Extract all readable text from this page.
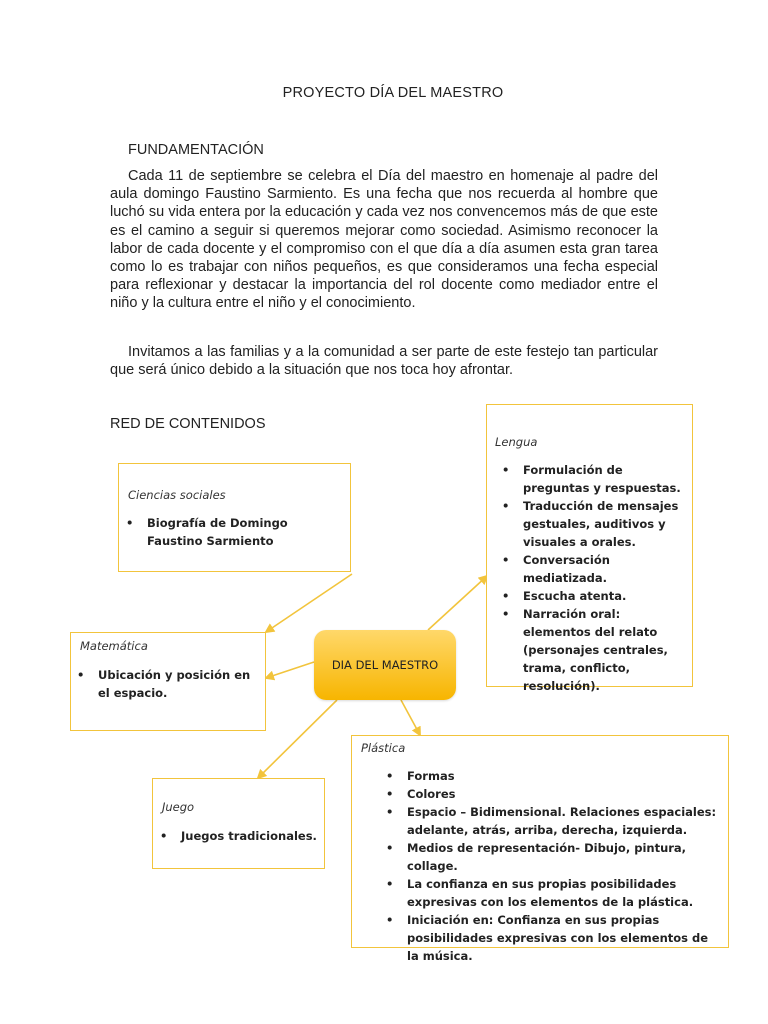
PROYECTO DÍA DEL MAESTRO
FUNDAMENTACIÓN

Cada 11 de septiembre se celebra el Día del maestro en homenaje al padre del aula domingo Faustino Sarmiento. Es una fecha que nos recuerda al hombre que luchó su vida entera por la educación y cada vez nos convencemos más de que este es el camino a seguir si queremos mejorar como sociedad. Asimismo reconocer la labor de cada docente y el compromiso con el que día a día asumen esta gran tarea como lo es trabajar con niños pequeños, es que consideramos una fecha especial para reflexionar y destacar la importancia del rol docente como mediador entre el niño y la cultura entre el niño y el conocimiento.

Invitamos a las familias y a la comunidad a ser parte de este festejo tan particular que será único debido a la situación que nos toca hoy afrontar.

RED DE CONTENIDOS
Ciencias sociales
• Biografía de Domingo Faustino Sarmiento
Matemática
• Ubicación y posición en el espacio.
DIA DEL MAESTRO
Juego
• Juegos tradicionales.
Lengua
• Formulación de preguntas y respuestas.
• Traducción de mensajes gestuales, auditivos y visuales a orales.
• Conversación mediatizada.
• Escucha atenta.
• Narración oral: elementos del relato (personajes centrales, trama, conflicto, resolución).
Plástica
• Formas
• Colores
• Espacio – Bidimensional. Relaciones espaciales: adelante, atrás, arriba, derecha, izquierda.
• Medios de representación- Dibujo, pintura, collage.
• La confianza en sus propias posibilidades expresivas con los elementos de la plástica.
• Iniciación en: Confianza en sus propias posibilidades expresivas con los elementos de la música.
